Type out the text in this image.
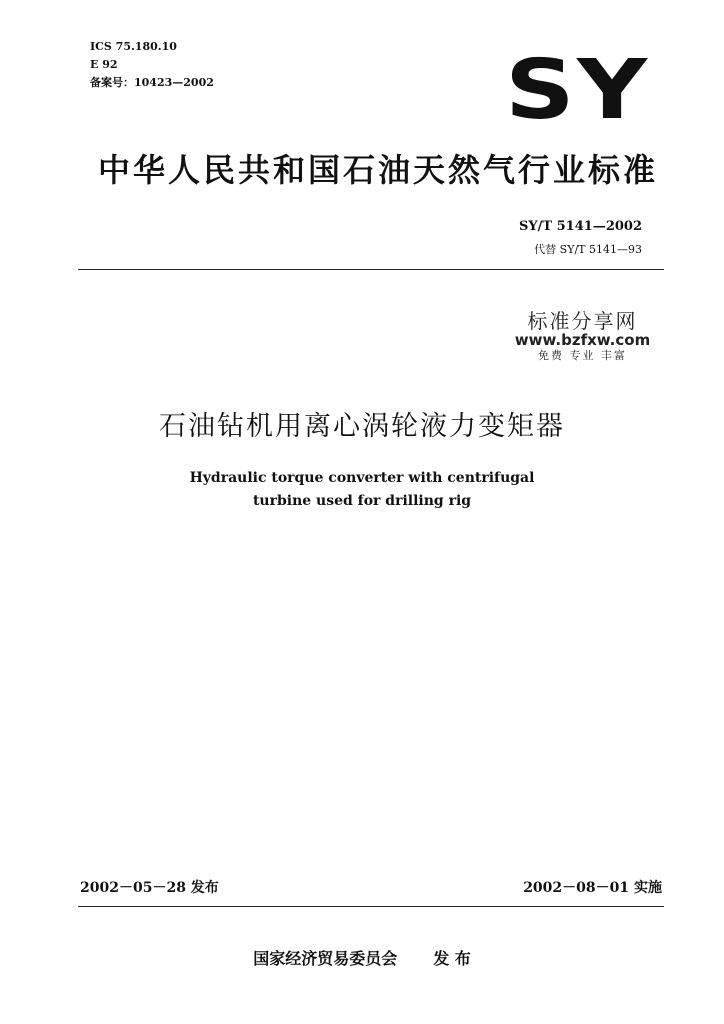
ICS 75.180.10
E 92
备案号：10423—2002	SY
中华人民共和国石油天然气行业标准
SY/T 5141—2002
代替 SY/T 5141—93
标准分享网
www.bzfxw.com
免费 专业 丰富
石油钻机用离心涡轮液力变矩器
Hydraulic torque converter with centrifugal
turbine used for drilling rig
2002－05－28 发布	2002－08－01 实施
国家经济贸易委员会 发 布
